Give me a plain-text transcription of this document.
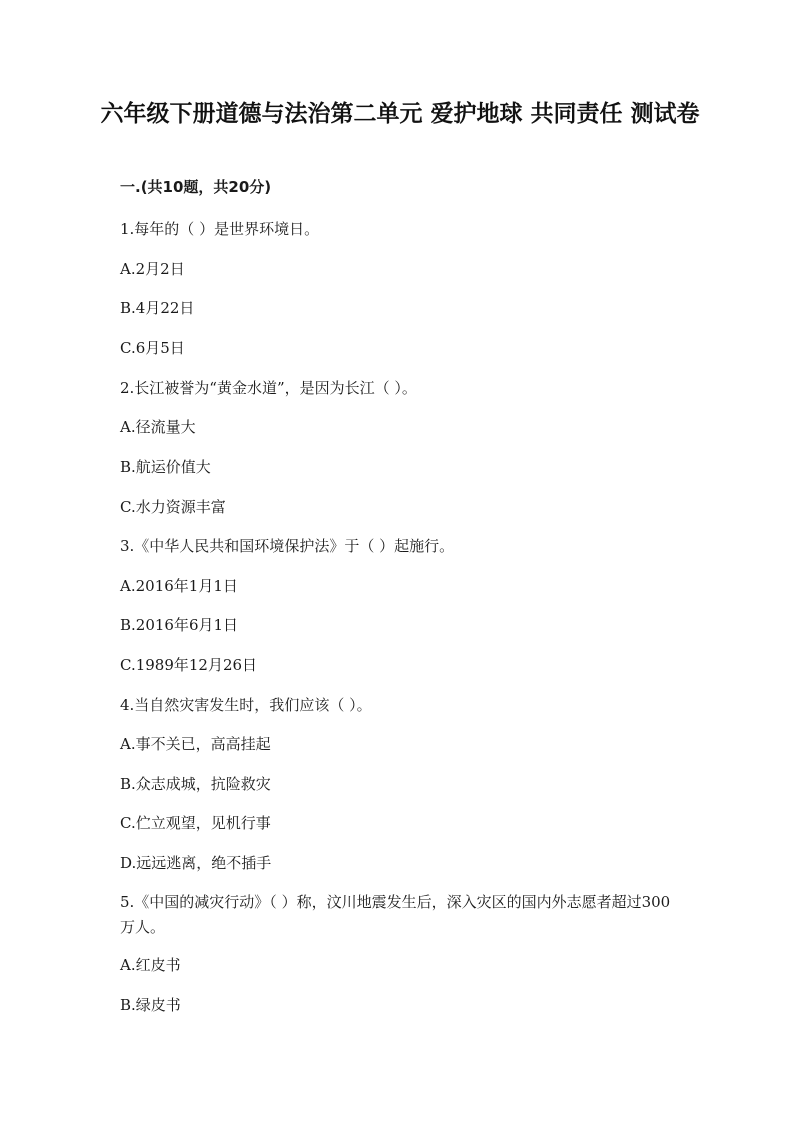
六年级下册道德与法治第二单元 爱护地球 共同责任 测试卷

一.(共10题，共20分)

1.每年的（ ）是世界环境日。

A.2月2日

B.4月22日

C.6月5日

2.长江被誉为“黄金水道”，是因为长江（ ）。

A.径流量大

B.航运价值大

C.水力资源丰富

3.《中华人民共和国环境保护法》于（ ）起施行。

A.2016年1月1日

B.2016年6月1日

C.1989年12月26日

4.当自然灾害发生时，我们应该（ ）。

A.事不关已，高高挂起

B.众志成城，抗险救灾

C.伫立观望，见机行事

D.远远逃离，绝不插手

5.《中国的减灾行动》（ ）称，汶川地震发生后，深入灾区的国内外志愿者超过300万人。

A.红皮书

B.绿皮书
